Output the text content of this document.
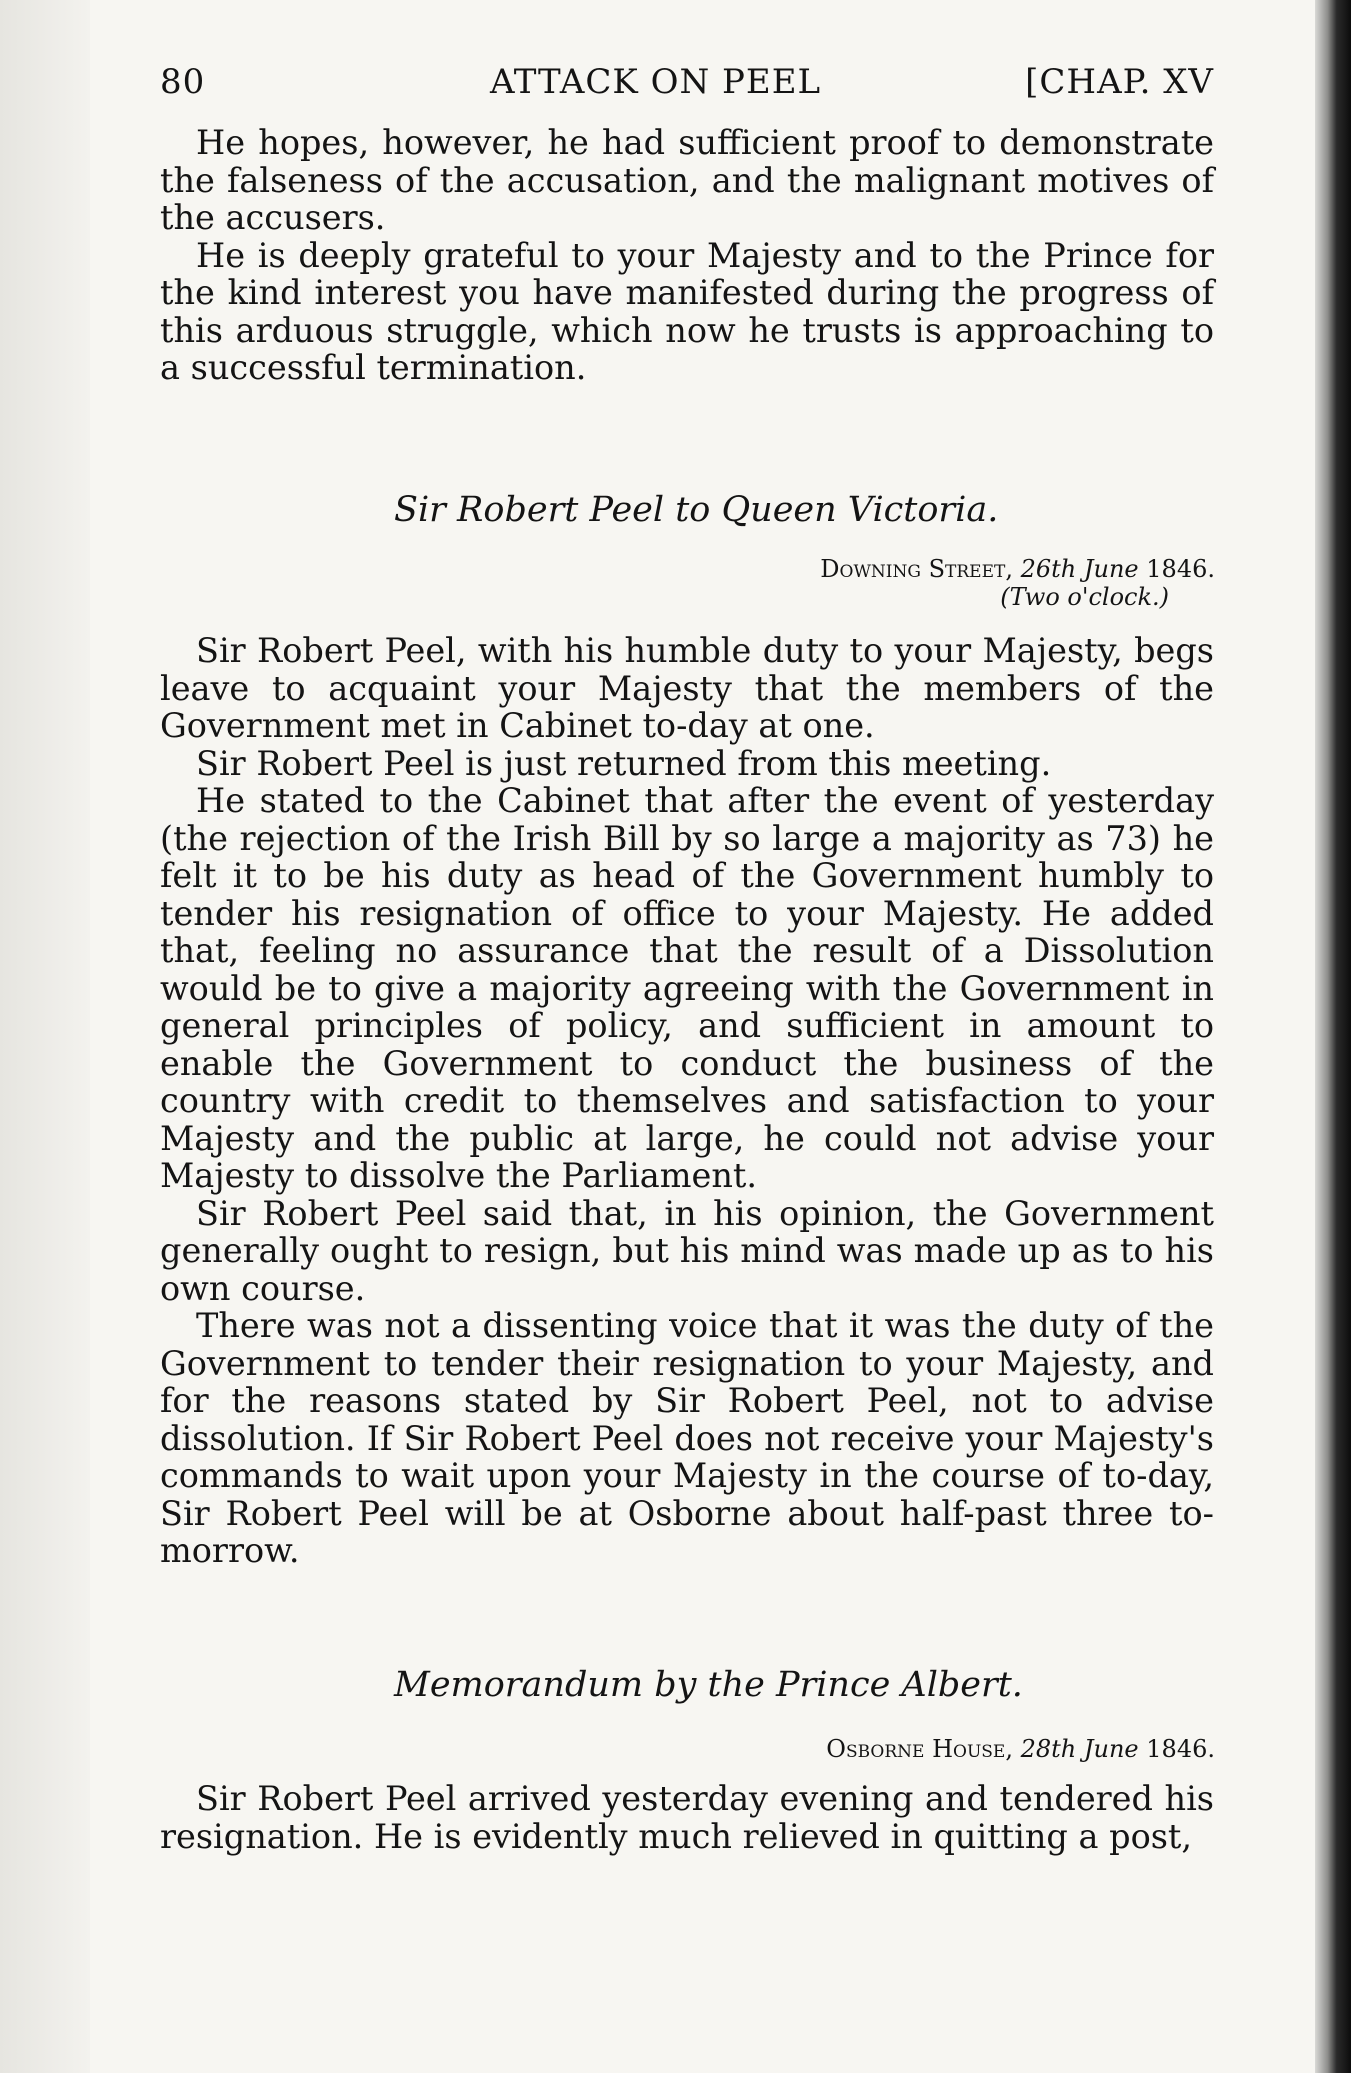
80	ATTACK ON PEEL	[CHAP. XV

He hopes, however, he had sufficient proof to demonstrate the falseness of the accusation, and the malignant motives of the accusers.

He is deeply grateful to your Majesty and to the Prince for the kind interest you have manifested during the progress of this arduous struggle, which now he trusts is approaching to a successful termination.

Sir Robert Peel to Queen Victoria.
Downing Street, 26th June 1846.
(Two o'clock.)

Sir Robert Peel, with his humble duty to your Majesty, begs leave to acquaint your Majesty that the members of the Government met in Cabinet to-day at one.

Sir Robert Peel is just returned from this meeting.

He stated to the Cabinet that after the event of yesterday (the rejection of the Irish Bill by so large a majority as 73) he felt it to be his duty as head of the Government humbly to tender his resignation of office to your Majesty. He added that, feeling no assurance that the result of a Dissolution would be to give a majority agreeing with the Government in general principles of policy, and sufficient in amount to enable the Government to conduct the business of the country with credit to themselves and satisfaction to your Majesty and the public at large, he could not advise your Majesty to dissolve the Parliament.

Sir Robert Peel said that, in his opinion, the Government generally ought to resign, but his mind was made up as to his own course.

There was not a dissenting voice that it was the duty of the Government to tender their resignation to your Majesty, and for the reasons stated by Sir Robert Peel, not to advise dissolution. If Sir Robert Peel does not receive your Majesty's commands to wait upon your Majesty in the course of to-day, Sir Robert Peel will be at Osborne about half-past three to-morrow.

Memorandum by the Prince Albert.
Osborne House, 28th June 1846.

Sir Robert Peel arrived yesterday evening and tendered his resignation. He is evidently much relieved in quitting a post,
